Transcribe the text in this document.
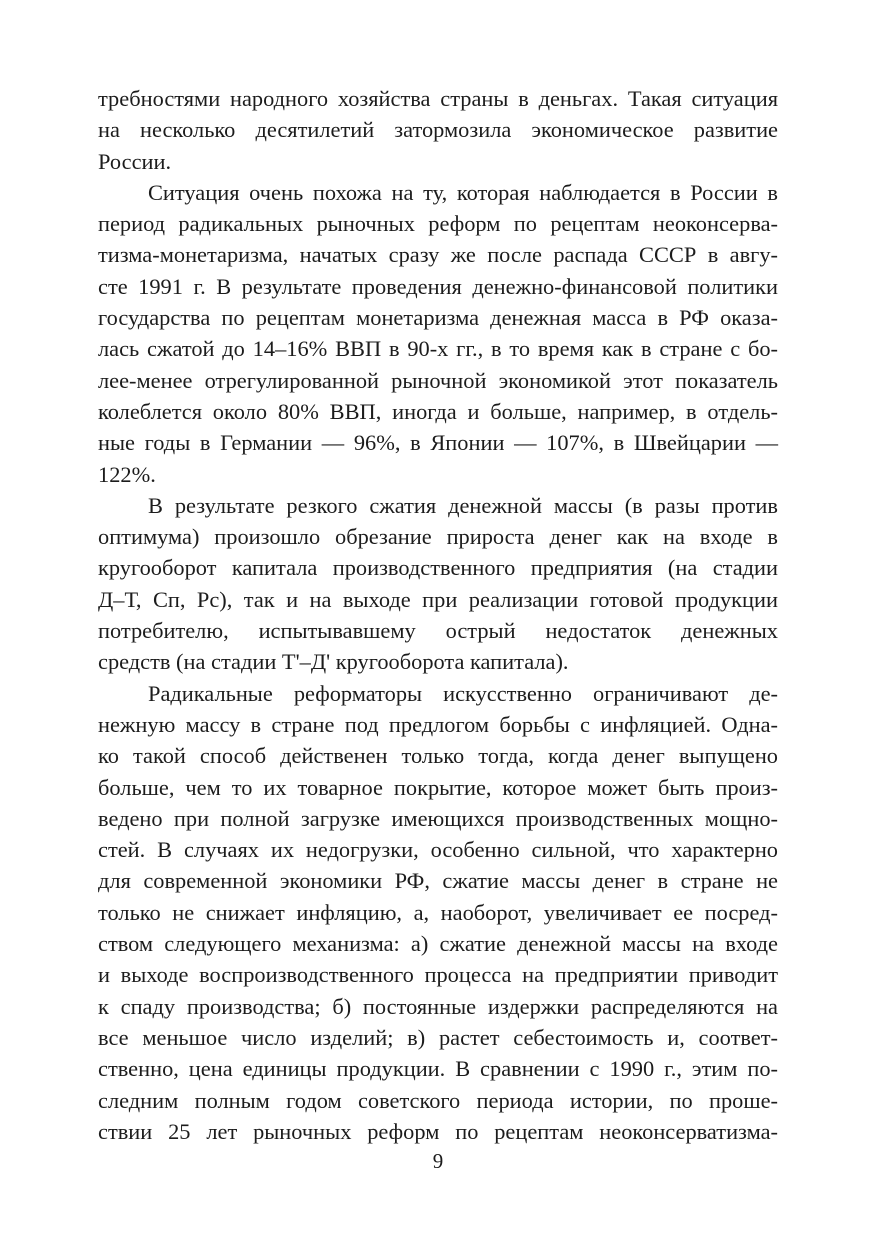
требностями народного хозяйства страны в деньгах. Такая ситуация
на несколько десятилетий затормозила экономическое развитие
России.

Ситуация очень похожа на ту, которая наблюдается в России в
период радикальных рыночных реформ по рецептам неоконсерва-
тизма-монетаризма, начатых сразу же после распада СССР в авгу-
сте 1991 г. В результате проведения денежно-финансовой политики
государства по рецептам монетаризма денежная масса в РФ оказа-
лась сжатой до 14–16% ВВП в 90-х гг., в то время как в стране с бо-
лее-менее отрегулированной рыночной экономикой этот показатель
колеблется около 80% ВВП, иногда и больше, например, в отдель-
ные годы в Германии — 96%, в Японии — 107%, в Швейцарии —
122%.

В результате резкого сжатия денежной массы (в разы против
оптимума) произошло обрезание прироста денег как на входе в
кругооборот капитала производственного предприятия (на стадии
Д–Т, Сп, Рс), так и на выходе при реализации готовой продукции
потребителю, испытывавшему острый недостаток денежных
средств (на стадии Т'–Д' кругооборота капитала).

Радикальные реформаторы искусственно ограничивают де-
нежную массу в стране под предлогом борьбы с инфляцией. Одна-
ко такой способ действенен только тогда, когда денег выпущено
больше, чем то их товарное покрытие, которое может быть произ-
ведено при полной загрузке имеющихся производственных мощно-
стей. В случаях их недогрузки, особенно сильной, что характерно
для современной экономики РФ, сжатие массы денег в стране не
только не снижает инфляцию, а, наоборот, увеличивает ее посред-
ством следующего механизма: а) сжатие денежной массы на входе
и выходе воспроизводственного процесса на предприятии приводит
к спаду производства; б) постоянные издержки распределяются на
все меньшое число изделий; в) растет себестоимость и, соответ-
ственно, цена единицы продукции. В сравнении с 1990 г., этим по-
следним полным годом советского периода истории, по проше-
ствии 25 лет рыночных реформ по рецептам неоконсерватизма-

9
